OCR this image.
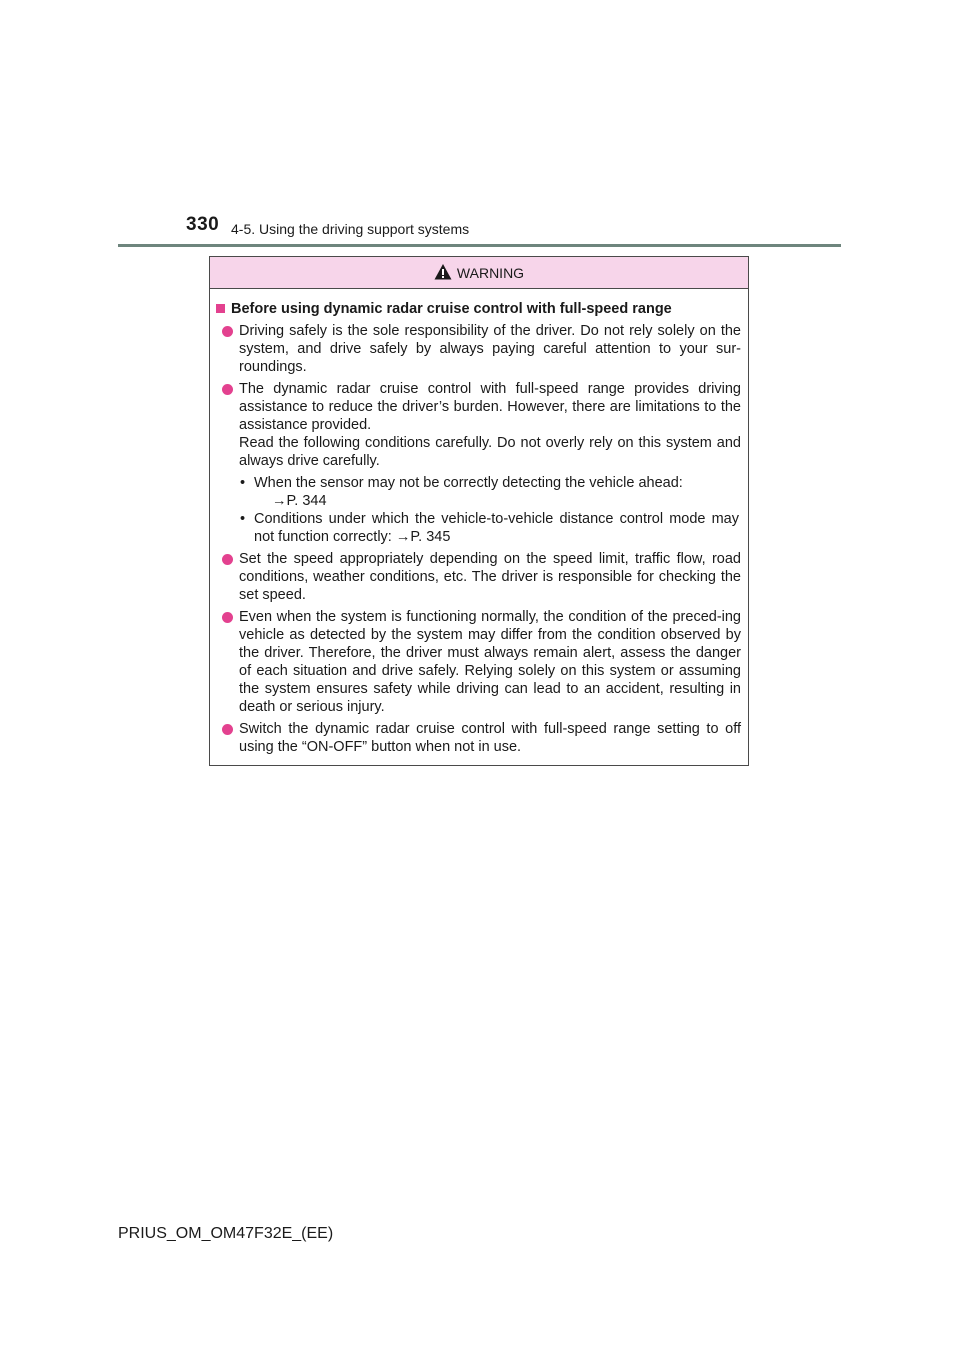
330 4-5. Using the driving support systems
WARNING
Before using dynamic radar cruise control with full-speed range

Driving safely is the sole responsibility of the driver. Do not rely solely on the system, and drive safely by always paying careful attention to your sur-roundings.

The dynamic radar cruise control with full-speed range provides driving assistance to reduce the driver’s burden. However, there are limitations to the assistance provided.

Read the following conditions carefully. Do not overly rely on this system and always drive carefully.

• When the sensor may not be correctly detecting the vehicle ahead:
→P. 344
• Conditions under which the vehicle-to-vehicle distance control mode may not function correctly: →P. 345

Set the speed appropriately depending on the speed limit, traffic flow, road conditions, weather conditions, etc. The driver is responsible for checking the set speed.

Even when the system is functioning normally, the condition of the preced-ing vehicle as detected by the system may differ from the condition observed by the driver. Therefore, the driver must always remain alert, assess the danger of each situation and drive safely. Relying solely on this system or assuming the system ensures safety while driving can lead to an accident, resulting in death or serious injury.

Switch the dynamic radar cruise control with full-speed range setting to off using the “ON-OFF” button when not in use.

PRIUS_OM_OM47F32E_(EE)
